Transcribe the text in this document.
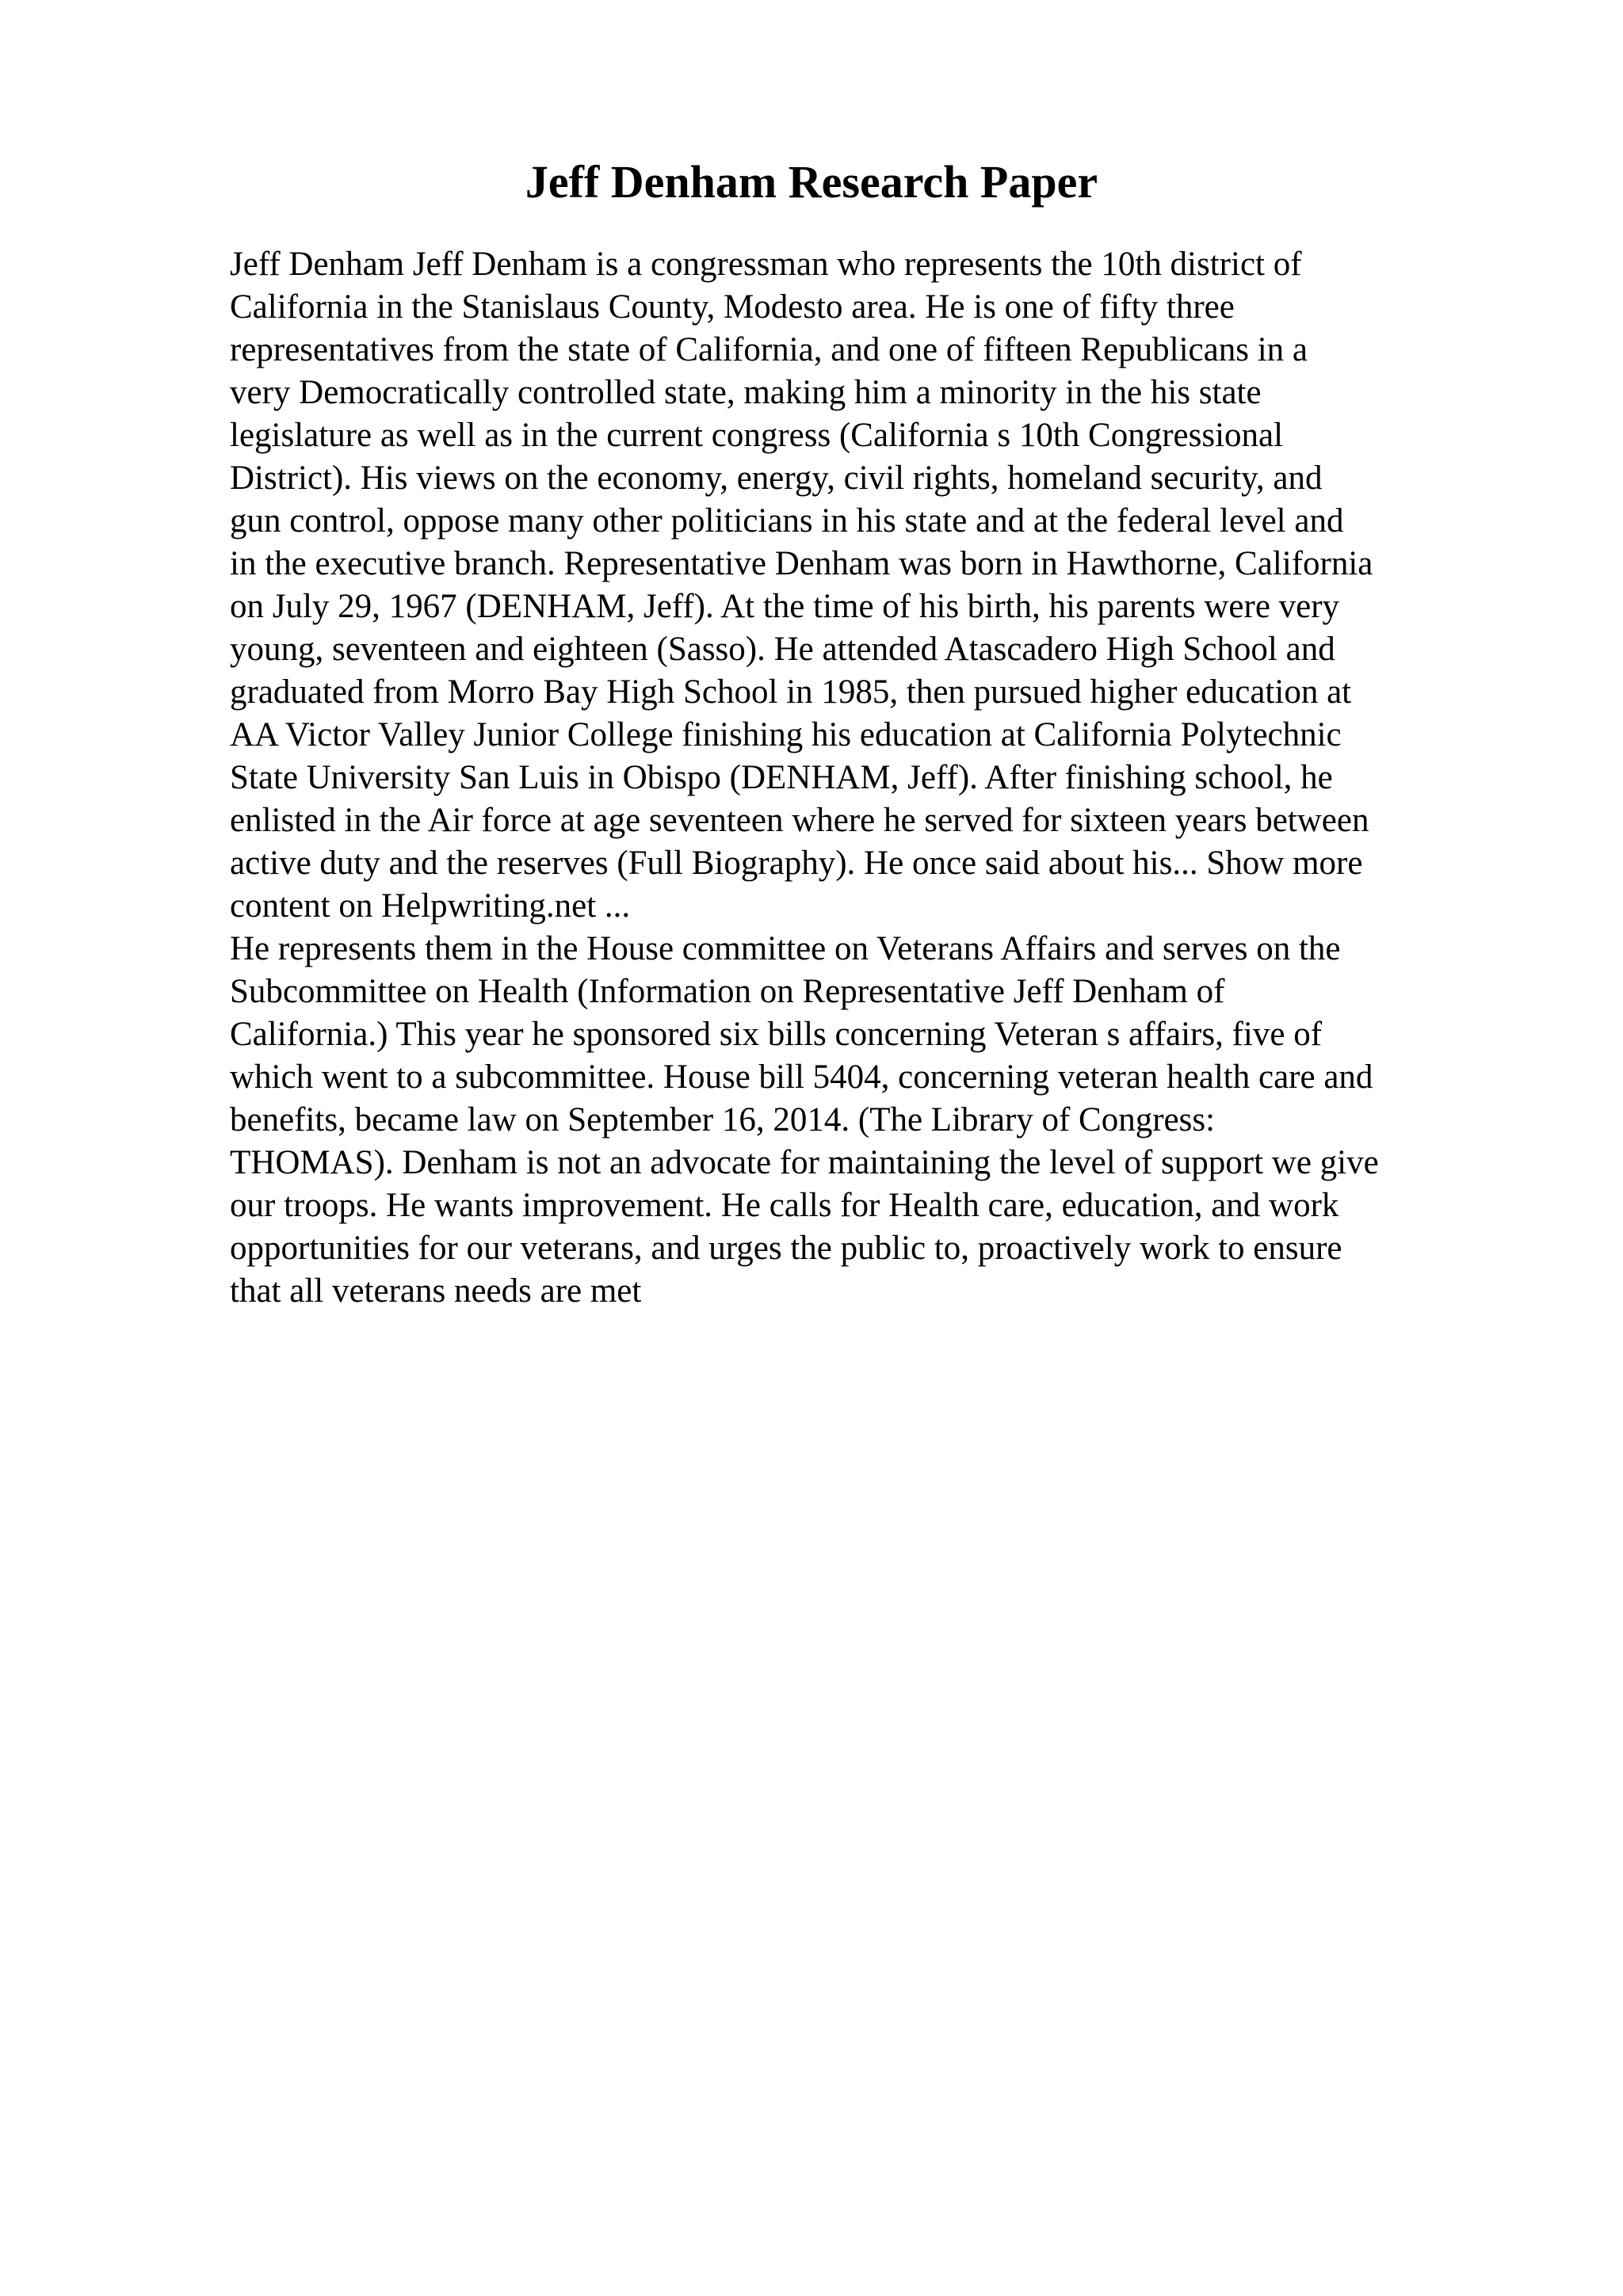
Jeff Denham Research Paper

Jeff Denham Jeff Denham is a congressman who represents the 10th district of
California in the Stanislaus County, Modesto area. He is one of fifty three
representatives from the state of California, and one of fifteen Republicans in a
very Democratically controlled state, making him a minority in the his state
legislature as well as in the current congress (California s 10th Congressional
District). His views on the economy, energy, civil rights, homeland security, and
gun control, oppose many other politicians in his state and at the federal level and
in the executive branch. Representative Denham was born in Hawthorne, California
on July 29, 1967 (DENHAM, Jeff). At the time of his birth, his parents were very
young, seventeen and eighteen (Sasso). He attended Atascadero High School and
graduated from Morro Bay High School in 1985, then pursued higher education at
AA Victor Valley Junior College finishing his education at California Polytechnic
State University San Luis in Obispo (DENHAM, Jeff). After finishing school, he
enlisted in the Air force at age seventeen where he served for sixteen years between
active duty and the reserves (Full Biography). He once said about his... Show more
content on Helpwriting.net ...

He represents them in the House committee on Veterans Affairs and serves on the
Subcommittee on Health (Information on Representative Jeff Denham of
California.) This year he sponsored six bills concerning Veteran s affairs, five of
which went to a subcommittee. House bill 5404, concerning veteran health care and
benefits, became law on September 16, 2014. (The Library of Congress:
THOMAS). Denham is not an advocate for maintaining the level of support we give
our troops. He wants improvement. He calls for Health care, education, and work
opportunities for our veterans, and urges the public to, proactively work to ensure
that all veterans needs are met
